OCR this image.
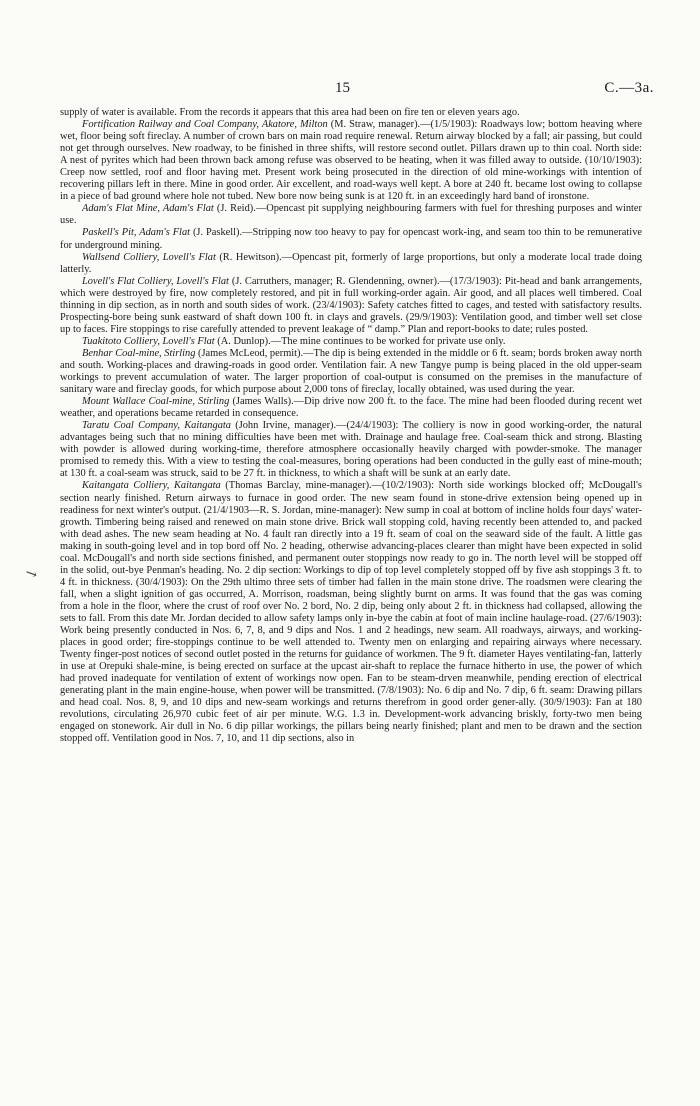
15	C.—3a.
↘

supply of water is available. From the records it appears that this area had been on fire ten or eleven years ago.

Fortification Railway and Coal Company, Akatore, Milton (M. Straw, manager).—(1/5/1903): Roadways low; bottom heaving where wet, floor being soft fireclay. A number of crown bars on main road require renewal. Return airway blocked by a fall; air passing, but could not get through ourselves. New roadway, to be finished in three shifts, will restore second outlet. Pillars drawn up to thin coal. North side: A nest of pyrites which had been thrown back among refuse was observed to be heating, when it was filled away to outside. (10/10/1903): Creep now settled, roof and floor having met. Present work being prosecuted in the direction of old mine-workings with intention of recovering pillars left in there. Mine in good order. Air excellent, and road-ways well kept. A bore at 240 ft. became lost owing to collapse in a piece of bad ground where hole not tubed. New bore now being sunk is at 120 ft. in an exceedingly hard band of ironstone.

Adam's Flat Mine, Adam's Flat (J. Reid).—Opencast pit supplying neighbouring farmers with fuel for threshing purposes and winter use.

Paskell's Pit, Adam's Flat (J. Paskell).—Stripping now too heavy to pay for opencast work-ing, and seam too thin to be remunerative for underground mining.

Wallsend Colliery, Lovell's Flat (R. Hewitson).—Opencast pit, formerly of large proportions, but only a moderate local trade doing latterly.

Lovell's Flat Colliery, Lovell's Flat (J. Carruthers, manager; R. Glendenning, owner).—(17/3/1903): Pit-head and bank arrangements, which were destroyed by fire, now completely restored, and pit in full working-order again. Air good, and all places well timbered. Coal thinning in dip section, as in north and south sides of work. (23/4/1903): Safety catches fitted to cages, and tested with satisfactory results. Prospecting-bore being sunk eastward of shaft down 100 ft. in clays and gravels. (29/9/1903): Ventilation good, and timber well set close up to faces. Fire stoppings to rise carefully attended to prevent leakage of “ damp.” Plan and report-books to date; rules posted.

Tuakitoto Colliery, Lovell's Flat (A. Dunlop).—The mine continues to be worked for private use only.

Benhar Coal-mine, Stirling (James McLeod, permit).—The dip is being extended in the middle or 6 ft. seam; bords broken away north and south. Working-places and drawing-roads in good order. Ventilation fair. A new Tangye pump is being placed in the old upper-seam workings to prevent accumulation of water. The larger proportion of coal-output is consumed on the premises in the manufacture of sanitary ware and fireclay goods, for which purpose about 2,000 tons of fireclay, locally obtained, was used during the year.

Mount Wallace Coal-mine, Stirling (James Walls).—Dip drive now 200 ft. to the face. The mine had been flooded during recent wet weather, and operations became retarded in consequence.

Taratu Coal Company, Kaitangata (John Irvine, manager).—(24/4/1903): The colliery is now in good working-order, the natural advantages being such that no mining difficulties have been met with. Drainage and haulage free. Coal-seam thick and strong. Blasting with powder is allowed during working-time, therefore atmosphere occasionally heavily charged with powder-smoke. The manager promised to remedy this. With a view to testing the coal-measures, boring operations had been conducted in the gully east of mine-mouth; at 130 ft. a coal-seam was struck, said to be 27 ft. in thickness, to which a shaft will be sunk at an early date.

Kaitangata Colliery, Kaitangata (Thomas Barclay, mine-manager).—(10/2/1903): North side workings blocked off; McDougall's section nearly finished. Return airways to furnace in good order. The new seam found in stone-drive extension being opened up in readiness for next winter's output. (21/4/1903—R. S. Jordan, mine-manager): New sump in coal at bottom of incline holds four days' water-growth. Timbering being raised and renewed on main stone drive. Brick wall stopping cold, having recently been attended to, and packed with dead ashes. The new seam heading at No. 4 fault ran directly into a 19 ft. seam of coal on the seaward side of the fault. A little gas making in south-going level and in top bord off No. 2 heading, otherwise advancing-places clearer than might have been expected in solid coal. McDougall's and north side sections finished, and permanent outer stoppings now ready to go in. The north level will be stopped off in the solid, out-bye Penman's heading. No. 2 dip section: Workings to dip of top level completely stopped off by five ash stoppings 3 ft. to 4 ft. in thickness. (30/4/1903): On the 29th ultimo three sets of timber had fallen in the main stone drive. The roadsmen were clearing the fall, when a slight ignition of gas occurred, A. Morrison, roadsman, being slightly burnt on arms. It was found that the gas was coming from a hole in the floor, where the crust of roof over No. 2 bord, No. 2 dip, being only about 2 ft. in thickness had collapsed, allowing the sets to fall. From this date Mr. Jordan decided to allow safety lamps only in-bye the cabin at foot of main incline haulage-road. (27/6/1903): Work being presently conducted in Nos. 6, 7, 8, and 9 dips and Nos. 1 and 2 headings, new seam. All roadways, airways, and working-places in good order; fire-stoppings continue to be well attended to. Twenty men on enlarging and repairing airways where necessary. Twenty finger-post notices of second outlet posted in the returns for guidance of workmen. The 9 ft. diameter Hayes ventilating-fan, latterly in use at Orepuki shale-mine, is being erected on surface at the upcast air-shaft to replace the furnace hitherto in use, the power of which had proved inadequate for ventilation of extent of workings now open. Fan to be steam-drven meanwhile, pending erection of electrical generating plant in the main engine-house, when power will be transmitted. (7/8/1903): No. 6 dip and No. 7 dip, 6 ft. seam: Drawing pillars and head coal. Nos. 8, 9, and 10 dips and new-seam workings and returns therefrom in good order gener-ally. (30/9/1903): Fan at 180 revolutions, circulating 26,970 cubic feet of air per minute. W.G. 1.3 in. Development-work advancing briskly, forty-two men being engaged on stonework. Air dull in No. 6 dip pillar workings, the pillars being nearly finished; plant and men to be drawn and the section stopped off. Ventilation good in Nos. 7, 10, and 11 dip sections, also in
